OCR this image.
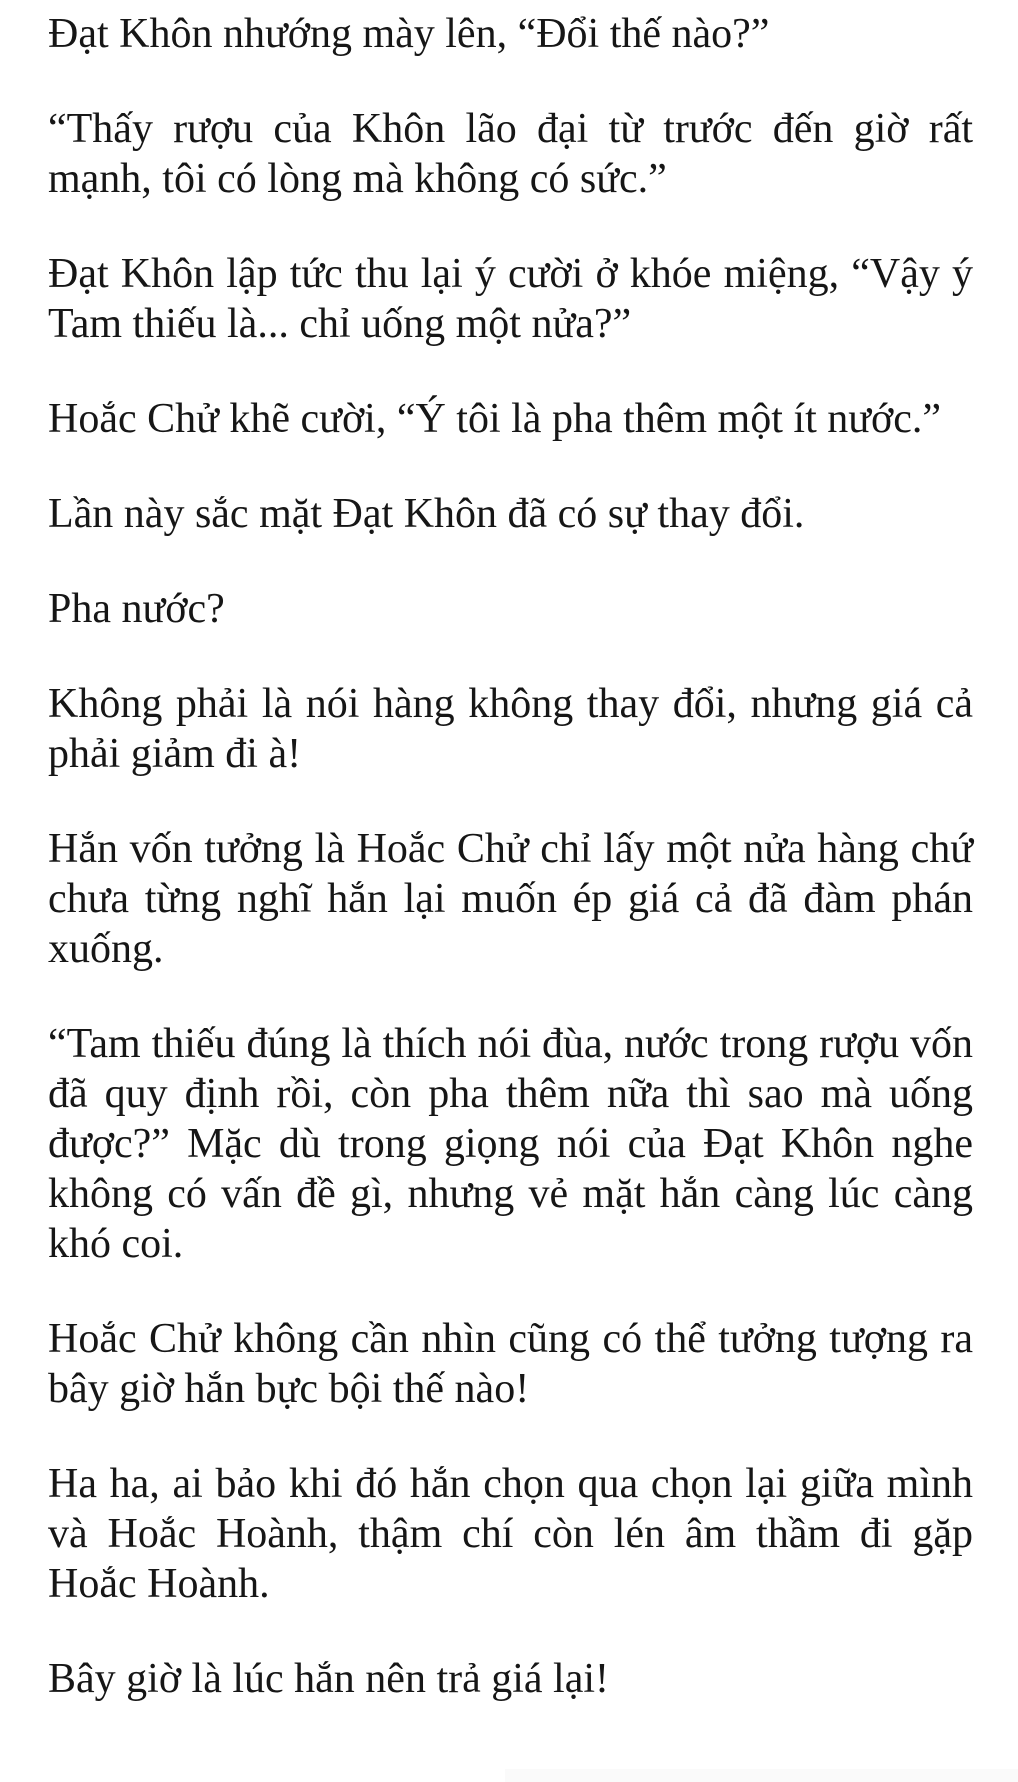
Đạt Khôn nhướng mày lên, “Đổi thế nào?”

“Thấy rượu của Khôn lão đại từ trước đến giờ rất mạnh, tôi có lòng mà không có sức.”

Đạt Khôn lập tức thu lại ý cười ở khóe miệng, “Vậy ý Tam thiếu là... chỉ uống một nửa?”

Hoắc Chử khẽ cười, “Ý tôi là pha thêm một ít nước.”

Lần này sắc mặt Đạt Khôn đã có sự thay đổi.

Pha nước?

Không phải là nói hàng không thay đổi, nhưng giá cả phải giảm đi à!

Hắn vốn tưởng là Hoắc Chử chỉ lấy một nửa hàng chứ chưa từng nghĩ hắn lại muốn ép giá cả đã đàm phán xuống.

“Tam thiếu đúng là thích nói đùa, nước trong rượu vốn đã quy định rồi, còn pha thêm nữa thì sao mà uống được?” Mặc dù trong giọng nói của Đạt Khôn nghe không có vấn đề gì, nhưng vẻ mặt hắn càng lúc càng khó coi.

Hoắc Chử không cần nhìn cũng có thể tưởng tượng ra bây giờ hắn bực bội thế nào!

Ha ha, ai bảo khi đó hắn chọn qua chọn lại giữa mình và Hoắc Hoành, thậm chí còn lén âm thầm đi gặp Hoắc Hoành.

Bây giờ là lúc hắn nên trả giá lại!
